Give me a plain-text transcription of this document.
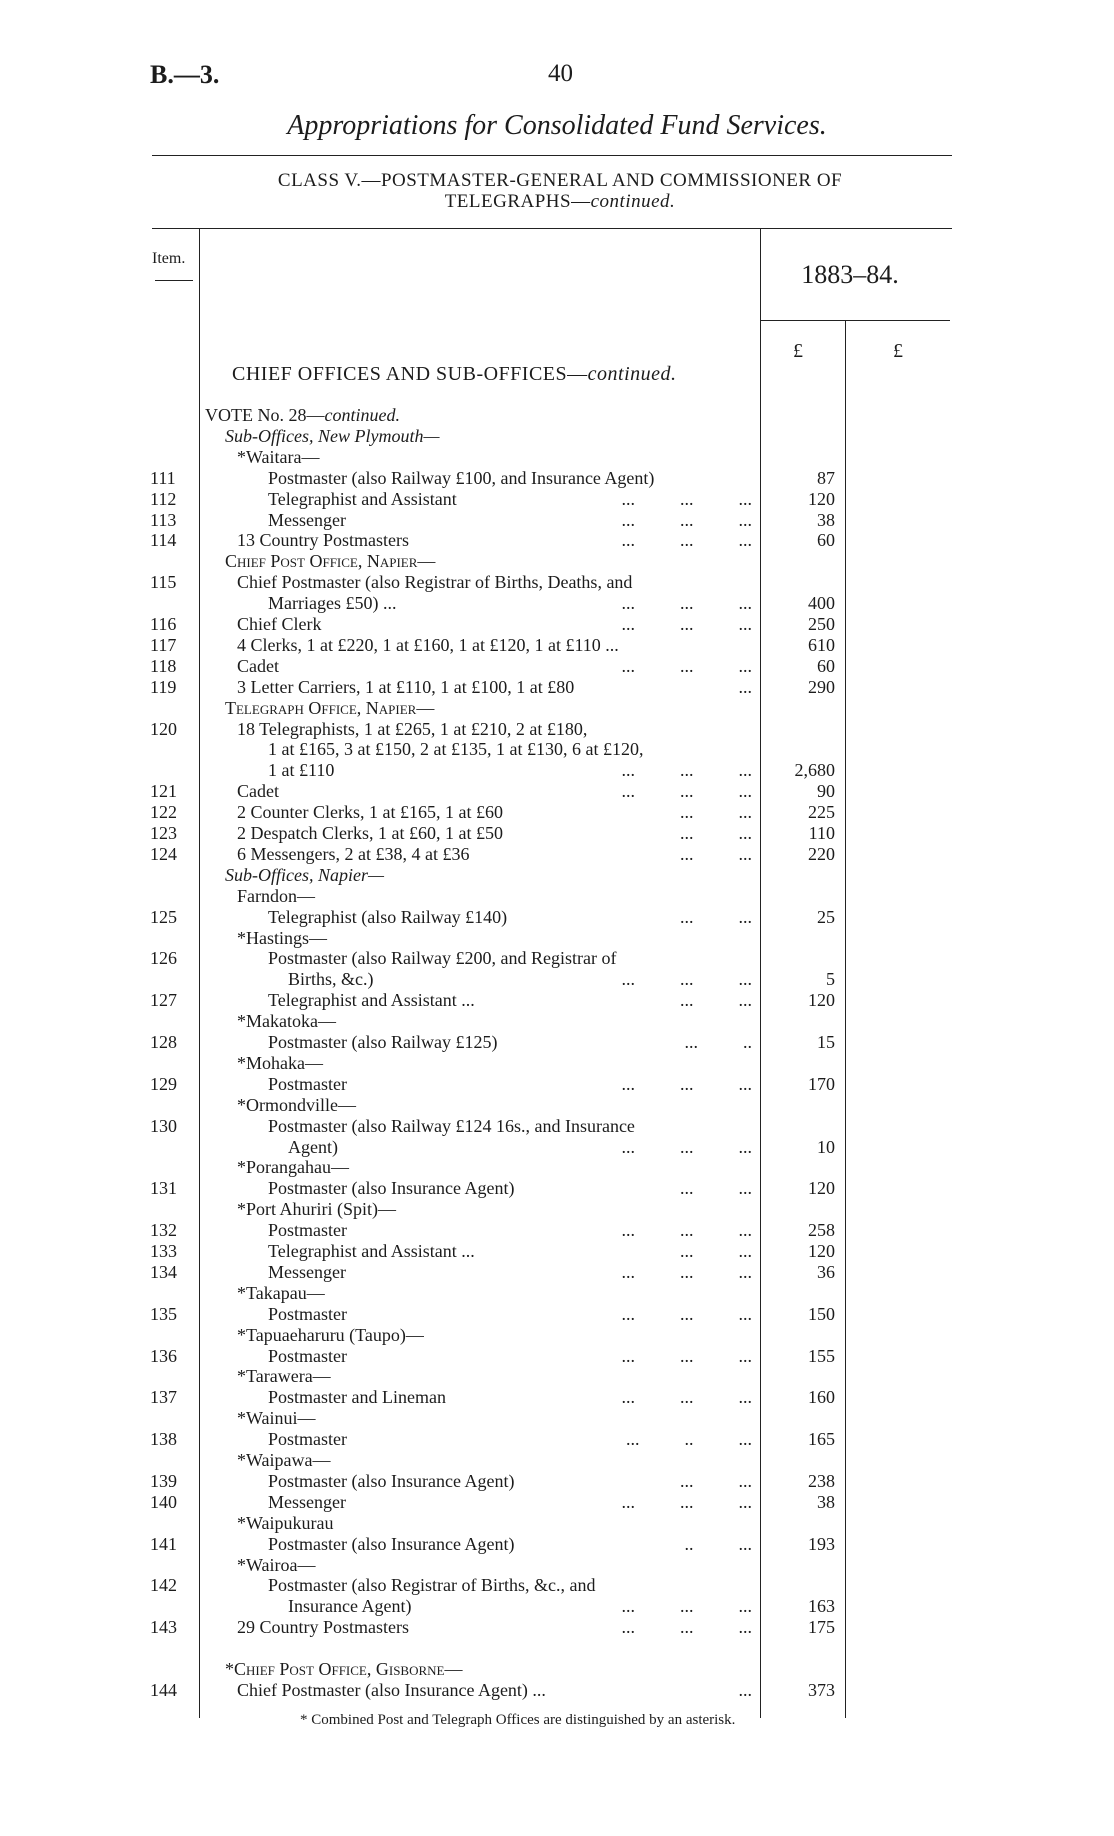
B.—3.	40
Appropriations for Consolidated Fund Services.
CLASS V.—POSTMASTER-GENERAL AND COMMISSIONER OF
TELEGRAPHS—continued.
Item.
1883–84.
£	£
CHIEF OFFICES AND SUB-OFFICES—continued.
VOTE No. 28—continued.
Sub-Offices, New Plymouth—
*Waitara—
111	Postmaster (also Railway £100, and Insurance Agent)	87
112	Telegraphist and Assistant	...          ...          ...	120
113	Messenger	...          ...          ...	38
114	13 Country Postmasters	...          ...          ...	60
Chief Post Office, Napier—
115	Chief Postmaster (also Registrar of Births, Deaths, and
Marriages £50) ...	...          ...          ...	400
116	Chief Clerk	...          ...          ...	250
117	4 Clerks, 1 at £220, 1 at £160, 1 at £120, 1 at £110 ...	610
118	Cadet	...          ...          ...	60
119	3 Letter Carriers, 1 at £110, 1 at £100, 1 at £80	...	290
Telegraph Office, Napier—
120	18 Telegraphists, 1 at £265, 1 at £210, 2 at £180,
1 at £165, 3 at £150, 2 at £135, 1 at £130, 6 at £120,
1 at £110	...          ...          ...	2,680
121	Cadet	...          ...          ...	90
122	2 Counter Clerks, 1 at £165, 1 at £60	...          ...	225
123	2 Despatch Clerks, 1 at £60, 1 at £50	...          ...	110
124	6 Messengers, 2 at £38, 4 at £36	...          ...	220
Sub-Offices, Napier—
Farndon—
125	Telegraphist (also Railway £140)	...          ...	25
*Hastings—
126	Postmaster (also Railway £200, and Registrar of
Births, &c.)	...          ...          ...	5
127	Telegraphist and Assistant ...	...          ...	120
*Makatoka—
128	Postmaster (also Railway £125)	...          ..	15
*Mohaka—
129	Postmaster	...          ...          ...	170
*Ormondville—
130	Postmaster (also Railway £124 16s., and Insurance
Agent)	...          ...          ...	10
*Porangahau—
131	Postmaster (also Insurance Agent)	...          ...	120
*Port Ahuriri (Spit)—
132	Postmaster	...          ...          ...	258
133	Telegraphist and Assistant ...	...          ...	120
134	Messenger	...          ...          ...	36
*Takapau—
135	Postmaster	...          ...          ...	150
*Tapuaeharuru (Taupo)—
136	Postmaster	...          ...          ...	155
*Tarawera—
137	Postmaster and Lineman	...          ...          ...	160
*Wainui—
138	Postmaster	...          ..          ...	165
*Waipawa—
139	Postmaster (also Insurance Agent)	...          ...	238
140	Messenger	...          ...          ...	38
*Waipukurau
141	Postmaster (also Insurance Agent)	..          ...	193
*Wairoa—
142	Postmaster (also Registrar of Births, &c., and
Insurance Agent)	...          ...          ...	163
143	29 Country Postmasters	...          ...          ...	175
*Chief Post Office, Gisborne—
144	Chief Postmaster (also Insurance Agent) ...	...	373
* Combined Post and Telegraph Offices are distinguished by an asterisk.
